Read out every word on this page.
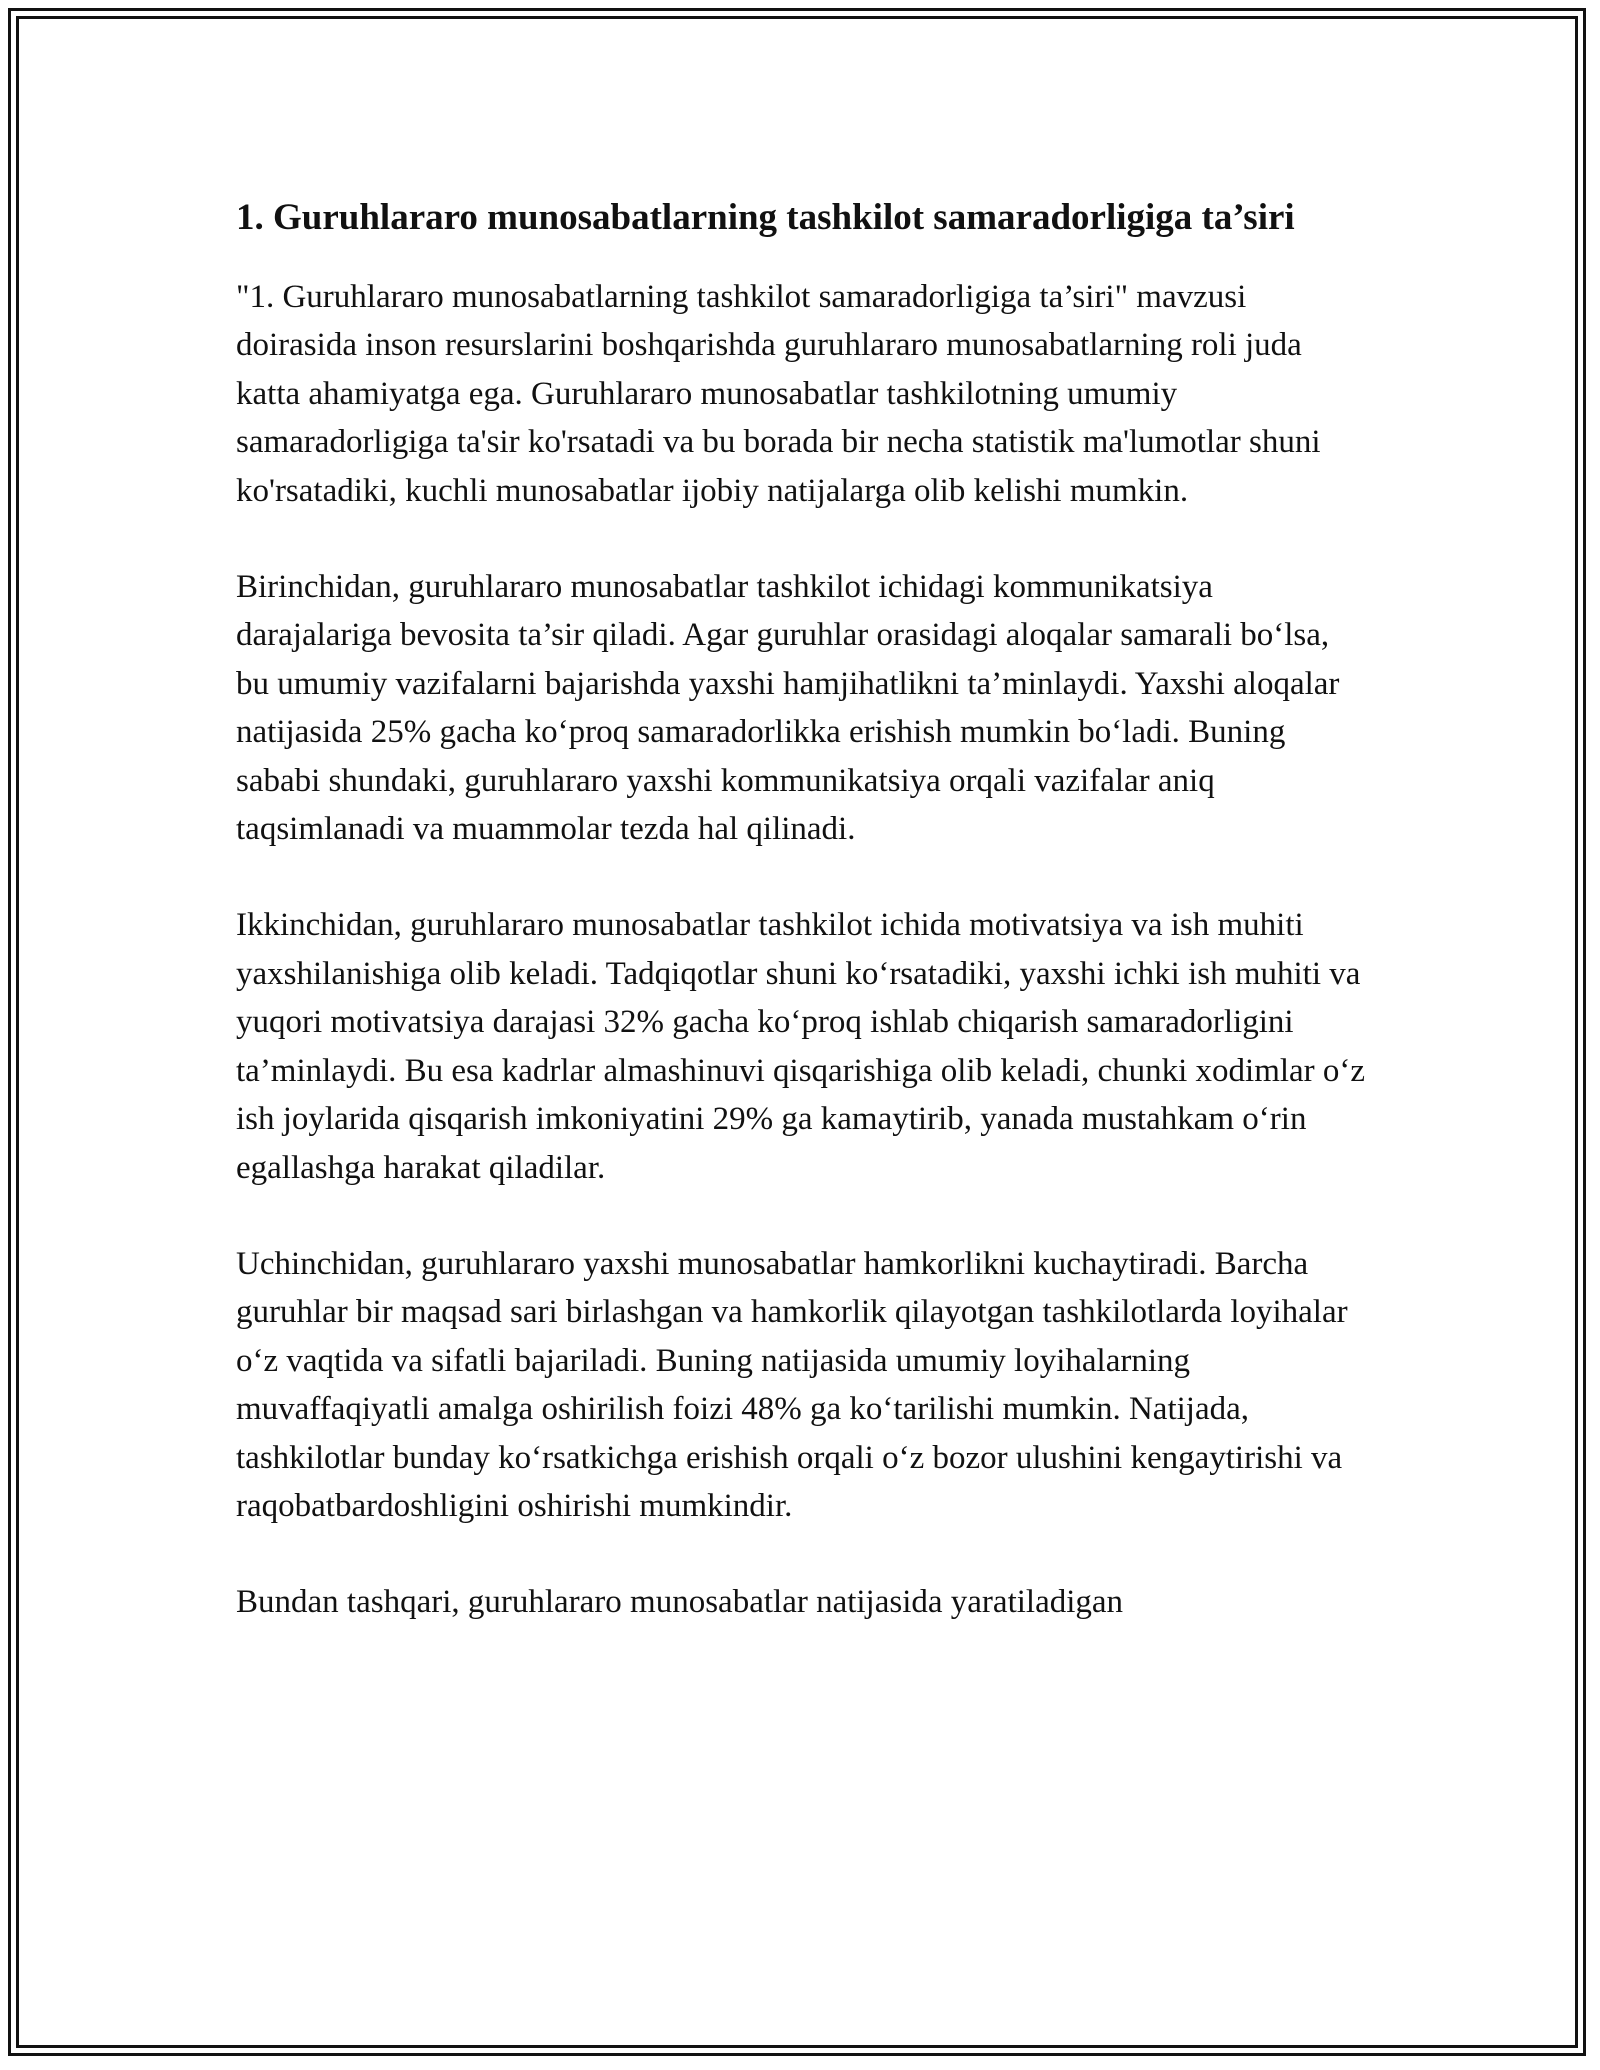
1. Guruhlararo munosabatlarning tashkilot samaradorligiga ta’siri

"1. Guruhlararo munosabatlarning tashkilot samaradorligiga ta’siri" mavzusi doirasida inson resurslarini boshqarishda guruhlararo munosabatlarning roli juda katta ahamiyatga ega. Guruhlararo munosabatlar tashkilotning umumiy samaradorligiga ta'sir ko'rsatadi va bu borada bir necha statistik ma'lumotlar shuni ko'rsatadiki, kuchli munosabatlar ijobiy natijalarga olib kelishi mumkin.

Birinchidan, guruhlararo munosabatlar tashkilot ichidagi kommunikatsiya darajalariga bevosita ta’sir qiladi. Agar guruhlar orasidagi aloqalar samarali bo‘lsa, bu umumiy vazifalarni bajarishda yaxshi hamjihatlikni ta’minlaydi. Yaxshi aloqalar natijasida 25% gacha ko‘proq samaradorlikka erishish mumkin bo‘ladi. Buning sababi shundaki, guruhlararo yaxshi kommunikatsiya orqali vazifalar aniq taqsimlanadi va muammolar tezda hal qilinadi.

Ikkinchidan, guruhlararo munosabatlar tashkilot ichida motivatsiya va ish muhiti yaxshilanishiga olib keladi. Tadqiqotlar shuni ko‘rsatadiki, yaxshi ichki ish muhiti va yuqori motivatsiya darajasi 32% gacha ko‘proq ishlab chiqarish samaradorligini ta’minlaydi. Bu esa kadrlar almashinuvi qisqarishiga olib keladi, chunki xodimlar o‘z ish joylarida qisqarish imkoniyatini 29% ga kamaytirib, yanada mustahkam o‘rin egallashga harakat qiladilar.

Uchinchidan, guruhlararo yaxshi munosabatlar hamkorlikni kuchaytiradi. Barcha guruhlar bir maqsad sari birlashgan va hamkorlik qilayotgan tashkilotlarda loyihalar o‘z vaqtida va sifatli bajariladi. Buning natijasida umumiy loyihalarning muvaffaqiyatli amalga oshirilish foizi 48% ga ko‘tarilishi mumkin. Natijada, tashkilotlar bunday ko‘rsatkichga erishish orqali o‘z bozor ulushini kengaytirishi va raqobatbardoshligini oshirishi mumkindir.

Bundan tashqari, guruhlararo munosabatlar natijasida yaratiladigan
